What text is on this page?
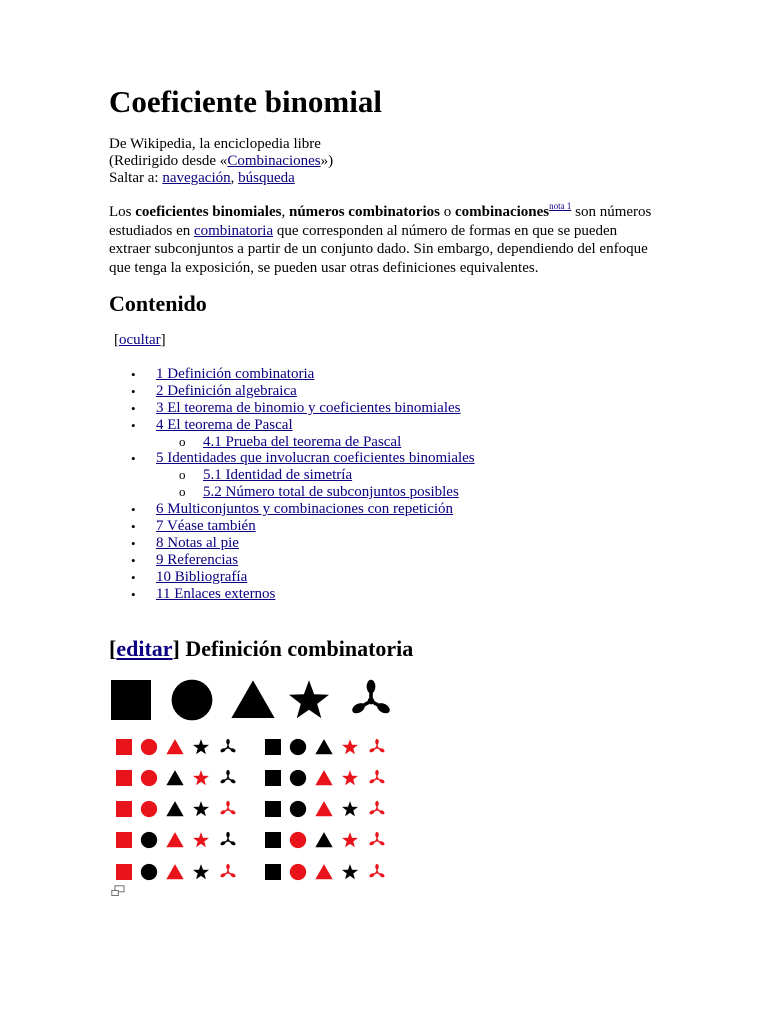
Coeficiente binomial
De Wikipedia, la enciclopedia libre
(Redirigido desde «Combinaciones»)
Saltar a: navegación, búsqueda

Los coeficientes binomiales, números combinatorios o combinaciones$^{nota 1}$ son números estudiados en combinatoria que corresponden al número de formas en que se pueden extraer subconjuntos a partir de un conjunto dado. Sin embargo, dependiendo del enfoque que tenga la exposición, se pueden usar otras definiciones equivalentes.

Contenido
[ocultar]
• 1 Definición combinatoria
• 2 Definición algebraica
• 3 El teorema de binomio y coeficientes binomiales
• 4 El teorema de Pascal
o 4.1 Prueba del teorema de Pascal
• 5 Identidades que involucran coeficientes binomiales
o 5.1 Identidad de simetría
o 5.2 Número total de subconjuntos posibles
• 6 Multiconjuntos y combinaciones con repetición
• 7 Véase también
• 8 Notas al pie
• 9 Referencias
• 10 Bibliografía
• 11 Enlaces externos
[editar] Definición combinatoria
